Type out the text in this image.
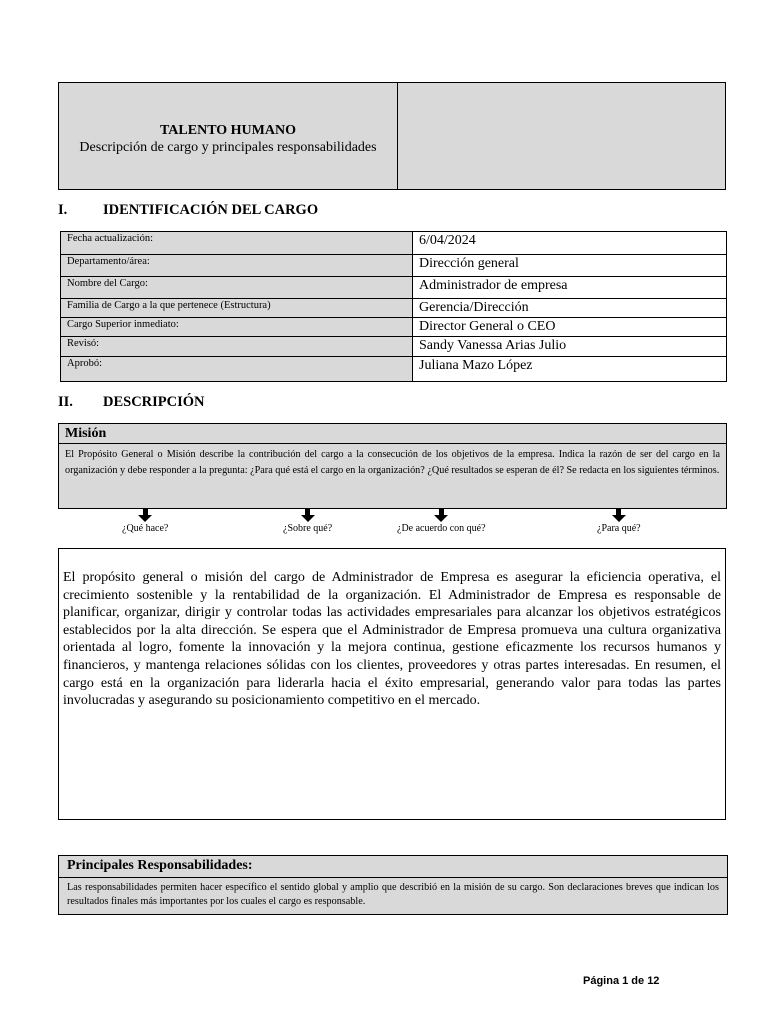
TALENTO HUMANO
Descripción de cargo y principales responsabilidades
I.	IDENTIFICACIÓN DEL CARGO
Fecha actualización:	6/04/2024
Departamento/área:	Dirección general
Nombre del Cargo:	Administrador de empresa
Familia de Cargo a la que pertenece (Estructura)	Gerencia/Dirección
Cargo Superior inmediato:	Director General o CEO
Revisó:	Sandy Vanessa Arias Julio
Aprobó:	Juliana Mazo López
II.	DESCRIPCIÓN
Misión
El Propósito General o Misión describe la contribución del cargo a la consecución de los objetivos de la empresa. Indica la razón de ser del cargo en la organización y debe responder a la pregunta: ¿Para qué está el cargo en la organización? ¿Qué resultados se esperan de él? Se redacta en los siguientes términos.
¿Qué hace?	¿Sobre qué?	¿De acuerdo con qué?	¿Para qué?
El propósito general o misión del cargo de Administrador de Empresa es asegurar la eficiencia operativa, el crecimiento sostenible y la rentabilidad de la organización. El Administrador de Empresa es responsable de planificar, organizar, dirigir y controlar todas las actividades empresariales para alcanzar los objetivos estratégicos establecidos por la alta dirección. Se espera que el Administrador de Empresa promueva una cultura organizativa orientada al logro, fomente la innovación y la mejora continua, gestione eficazmente los recursos humanos y financieros, y mantenga relaciones sólidas con los clientes, proveedores y otras partes interesadas. En resumen, el cargo está en la organización para liderarla hacia el éxito empresarial, generando valor para todas las partes involucradas y asegurando su posicionamiento competitivo en el mercado.
Principales Responsabilidades:
Las responsabilidades permiten hacer específico el sentido global y amplio que describió en la misión de su cargo. Son declaraciones breves que indican los resultados finales más importantes por los cuales el cargo es responsable.
Página 1 de 12
